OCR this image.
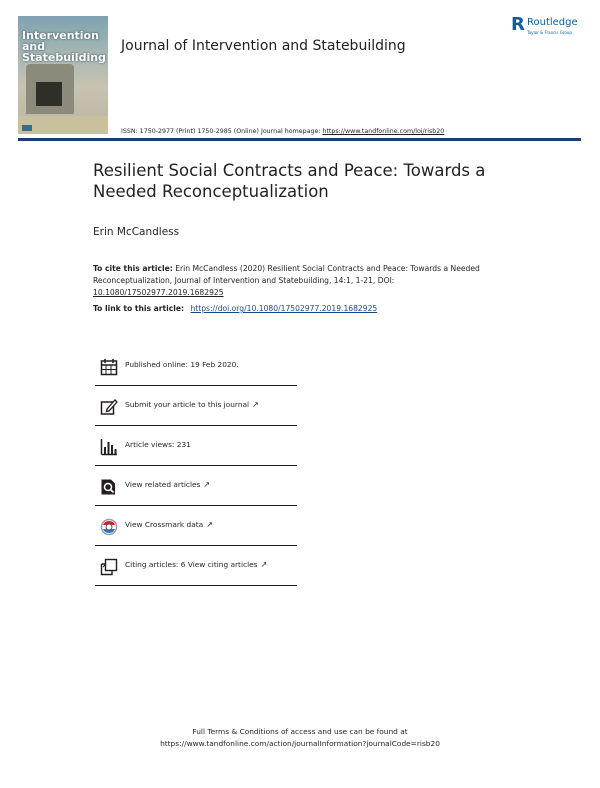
Intervention and Statebuilding
Journal of Intervention and Statebuilding
R Routledge
Taylor & Francis Group
ISSN: 1750-2977 (Print) 1750-2985 (Online) Journal homepage: https://www.tandfonline.com/loi/risb20
Resilient Social Contracts and Peace: Towards a Needed Reconceptualization
Erin McCandless
To cite this article: Erin McCandless (2020) Resilient Social Contracts and Peace: Towards a Needed Reconceptualization, Journal of Intervention and Statebuilding, 14:1, 1-21, DOI: 10.1080/17502977.2019.1682925
To link to this article: https://doi.org/10.1080/17502977.2019.1682925
Published online: 19 Feb 2020.
Submit your article to this journal ↗
Article views: 231
View related articles ↗
View Crossmark data ↗
Citing articles: 6 View citing articles ↗
Full Terms & Conditions of access and use can be found at
https://www.tandfonline.com/action/journalInformation?journalCode=risb20
